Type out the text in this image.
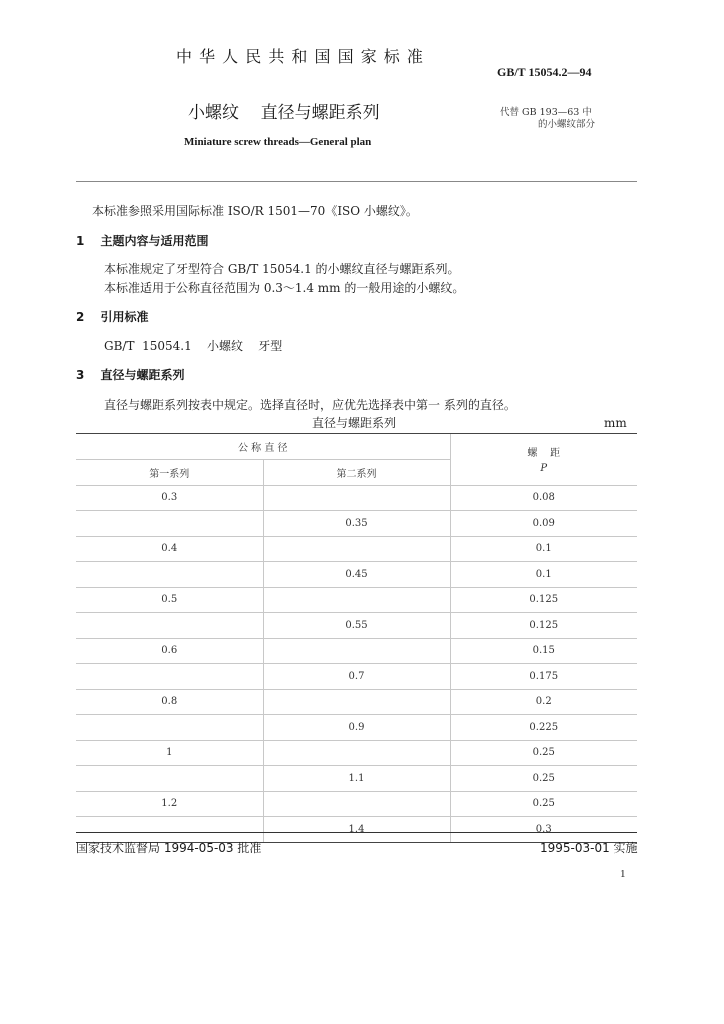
中 华 人 民 共 和 国 国 家 标 准
GB/T 15054.2—94
小螺纹    直径与螺距系列
Miniature screw threads—General plan
代替 GB 193—63 中
的小螺纹部分
本标准参照采用国际标准 ISO/R 1501—70《ISO 小螺纹》。
1 主题内容与适用范围
本标准规定了牙型符合 GB/T 15054.1 的小螺纹直径与螺距系列。
本标准适用于公称直径范围为 0.3～1.4 mm 的一般用途的小螺纹。
2 引用标准
GB/T  15054.1    小螺纹    牙型
3 直径与螺距系列
直径与螺距系列按表中规定。选择直径时，应优先选择表中第一 系列的直径。
直径与螺距系列	mm
公 称 直 径		螺    距
P

第一系列	第二系列	
0.3		0.08
	0.35	0.09
0.4		0.1
	0.45	0.1
0.5		0.125
	0.55	0.125
0.6		0.15
	0.7	0.175
0.8		0.2
	0.9	0.225
1		0.25
	1.1	0.25
1.2		0.25
	1.4	0.3
国家技术监督局 1994-05-03 批准	1995-03-01 实施
1
